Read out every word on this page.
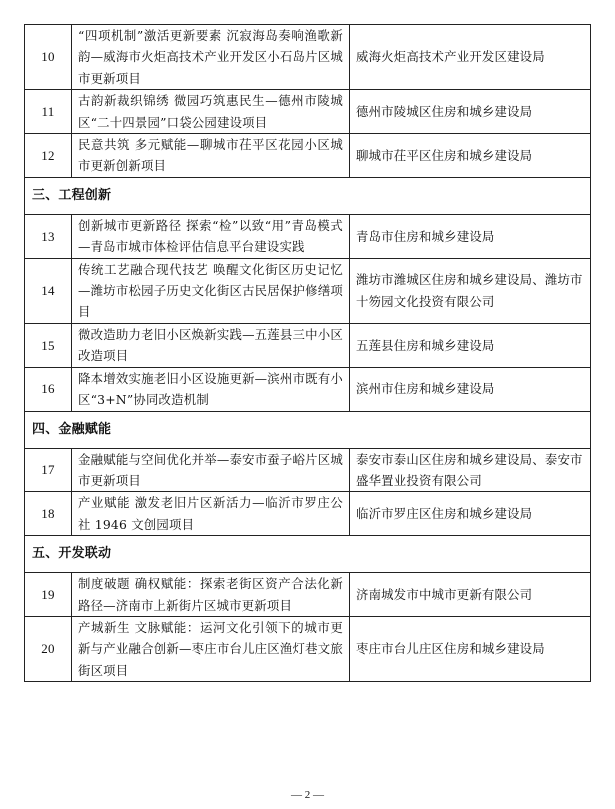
10	“四项机制”激活更新要素 沉寂海岛奏响渔歌新韵—威海市火炬高技术产业开发区小石岛片区城市更新项目	威海火炬高技术产业开发区建设局
11	古韵新裁织锦绣 微园巧筑惠民生—德州市陵城区“二十四景园”口袋公园建设项目	德州市陵城区住房和城乡建设局
12	民意共筑 多元赋能—聊城市茌平区花园小区城市更新创新项目	聊城市茌平区住房和城乡建设局
三、工程创新		
13	创新城市更新路径 探索“检”以致“用”青岛模式—青岛市城市体检评估信息平台建设实践	青岛市住房和城乡建设局
14	传统工艺融合现代技艺 唤醒文化街区历史记忆—潍坊市松园子历史文化街区古民居保护修缮项目	潍坊市潍城区住房和城乡建设局、潍坊市十笏园文化投资有限公司
15	微改造助力老旧小区焕新实践—五莲县三中小区改造项目	五莲县住房和城乡建设局
16	降本增效实施老旧小区设施更新—滨州市既有小区“3+N”协同改造机制	滨州市住房和城乡建设局
四、金融赋能		
17	金融赋能与空间优化并举—泰安市蚕子峪片区城市更新项目	泰安市泰山区住房和城乡建设局、泰安市盛华置业投资有限公司
18	产业赋能 激发老旧片区新活力—临沂市罗庄公社 1946 文创园项目	临沂市罗庄区住房和城乡建设局
五、开发联动		
19	制度破题 确权赋能：探索老街区资产合法化新路径—济南市上新街片区城市更新项目	济南城发市中城市更新有限公司
20	产城新生 文脉赋能：运河文化引领下的城市更新与产业融合创新—枣庄市台儿庄区渔灯巷文旅街区项目	枣庄市台儿庄区住房和城乡建设局
— 2 —
